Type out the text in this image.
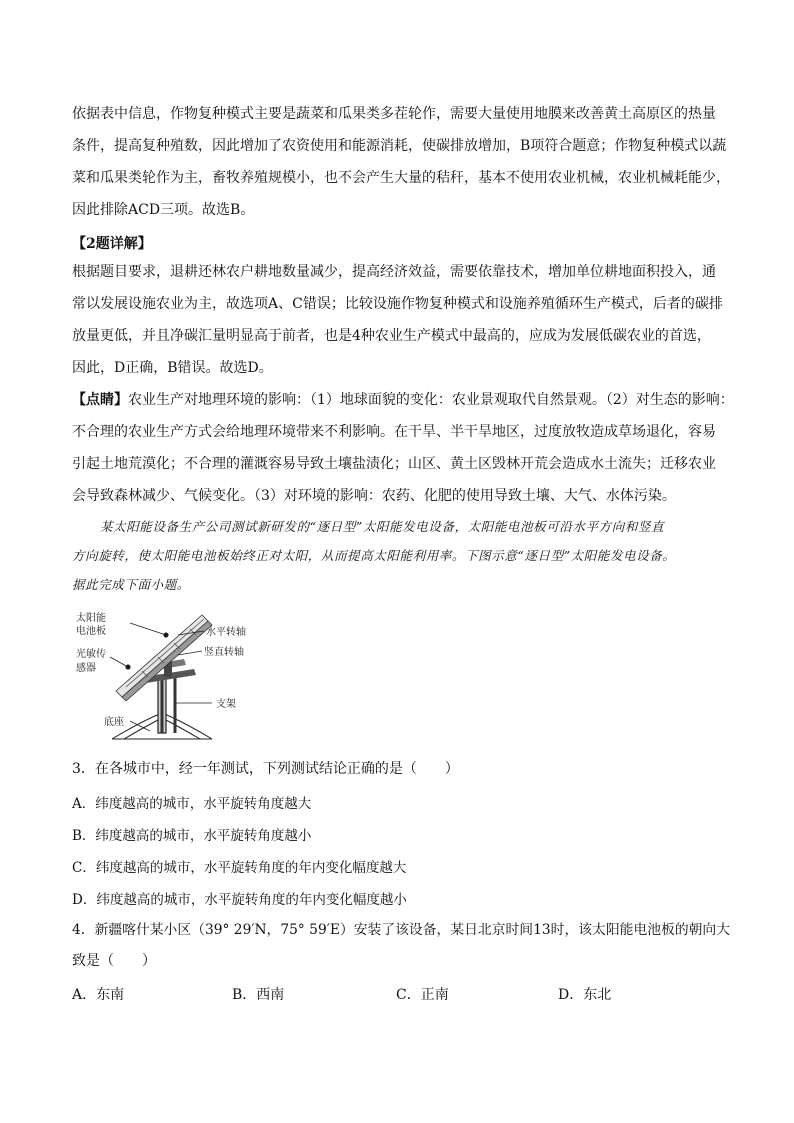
依据表中信息，作物复种模式主要是蔬菜和瓜果类多茬轮作，需要大量使用地膜来改善黄土高原区的热量
条件，提高复种殖数，因此增加了农资使用和能源消耗，使碳排放增加，B项符合题意；作物复种模式以蔬
菜和瓜果类轮作为主，畜牧养殖规模小，也不会产生大量的秸秆，基本不使用农业机械，农业机械耗能少，
因此排除ACD三项。故选B。
【2题详解】
根据题目要求，退耕还林农户耕地数量减少，提高经济效益，需要依靠技术，增加单位耕地面积投入，通
常以发展设施农业为主，故选项A、C错误；比较设施作物复种模式和设施养殖循环生产模式，后者的碳排
放量更低，并且净碳汇量明显高于前者，也是4种农业生产模式中最高的，应成为发展低碳农业的首选，
因此，D正确，B错误。故选D。
【点睛】农业生产对地理环境的影响：（1）地球面貌的变化：农业景观取代自然景观。（2）对生态的影响：
不合理的农业生产方式会给地理环境带来不利影响。在干旱、半干旱地区，过度放牧造成草场退化，容易
引起土地荒漠化；不合理的灌溉容易导致土壤盐渍化；山区、黄土区毁林开荒会造成水土流失；迁移农业
会导致森林减少、气候变化。（3）对环境的影响：农药、化肥的使用导致土壤、大气、水体污染。
某太阳能设备生产公司测试新研发的“逐日型”太阳能发电设备，太阳能电池板可沿水平方向和竖直
方向旋转，使太阳能电池板始终正对太阳，从而提高太阳能利用率。下图示意“逐日型”太阳能发电设备。
据此完成下面小题。
太阳能
电池板
光敏传
感器
水平转轴
竖直转轴
支架
底座
3．在各城市中，经一年测试，下列测试结论正确的是（　　）
A．纬度越高的城市，水平旋转角度越大
B．纬度越高的城市，水平旋转角度越小
C．纬度越高的城市，水平旋转角度的年内变化幅度越大
D．纬度越高的城市，水平旋转角度的年内变化幅度越小
4．新疆喀什某小区（39° 29′N，75° 59′E）安装了该设备，某日北京时间13时，该太阳能电池板的朝向大
致是（　　）
A．东南	B．西南	C．正南	D．东北
